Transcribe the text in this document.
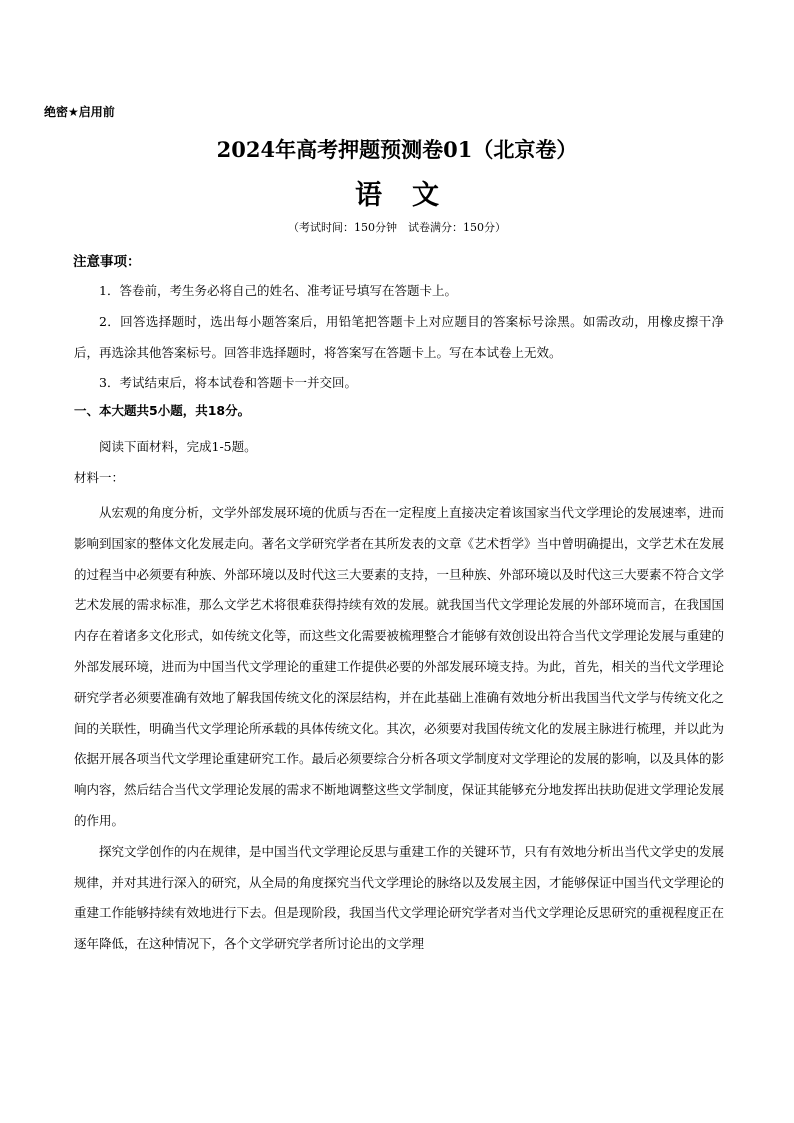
绝密★启用前
2024年高考押题预测卷01（北京卷）
语文
（考试时间：150分钟　试卷满分：150分）
注意事项：

1．答卷前，考生务必将自己的姓名、准考证号填写在答题卡上。

2．回答选择题时，选出每小题答案后，用铅笔把答题卡上对应题目的答案标号涂黑。如需改动，用橡皮擦干净后，再选涂其他答案标号。回答非选择题时，将答案写在答题卡上。写在本试卷上无效。

3．考试结束后，将本试卷和答题卡一并交回。

一、本大题共5小题，共18分。
阅读下面材料，完成1-5题。
材料一：

从宏观的角度分析，文学外部发展环境的优质与否在一定程度上直接决定着该国家当代文学理论的发展速率，进而影响到国家的整体文化发展走向。著名文学研究学者在其所发表的文章《艺术哲学》当中曾明确提出，文学艺术在发展的过程当中必须要有种族、外部环境以及时代这三大要素的支持，一旦种族、外部环境以及时代这三大要素不符合文学艺术发展的需求标准，那么文学艺术将很难获得持续有效的发展。就我国当代文学理论发展的外部环境而言，在我国国内存在着诸多文化形式，如传统文化等，而这些文化需要被梳理整合才能够有效创设出符合当代文学理论发展与重建的外部发展环境，进而为中国当代文学理论的重建工作提供必要的外部发展环境支持。为此，首先，相关的当代文学理论研究学者必须要准确有效地了解我国传统文化的深层结构，并在此基础上准确有效地分析出我国当代文学与传统文化之间的关联性，明确当代文学理论所承载的具体传统文化。其次，必须要对我国传统文化的发展主脉进行梳理，并以此为依据开展各项当代文学理论重建研究工作。最后必须要综合分析各项文学制度对文学理论的发展的影响，以及具体的影响内容，然后结合当代文学理论发展的需求不断地调整这些文学制度，保证其能够充分地发挥出扶助促进文学理论发展的作用。

探究文学创作的内在规律，是中国当代文学理论反思与重建工作的关键环节，只有有效地分析出当代文学史的发展规律，并对其进行深入的研究，从全局的角度探究当代文学理论的脉络以及发展主因，才能够保证中国当代文学理论的重建工作能够持续有效地进行下去。但是现阶段，我国当代文学理论研究学者对当代文学理论反思研究的重视程度正在逐年降低，在这种情况下，各个文学研究学者所讨论出的文学理
